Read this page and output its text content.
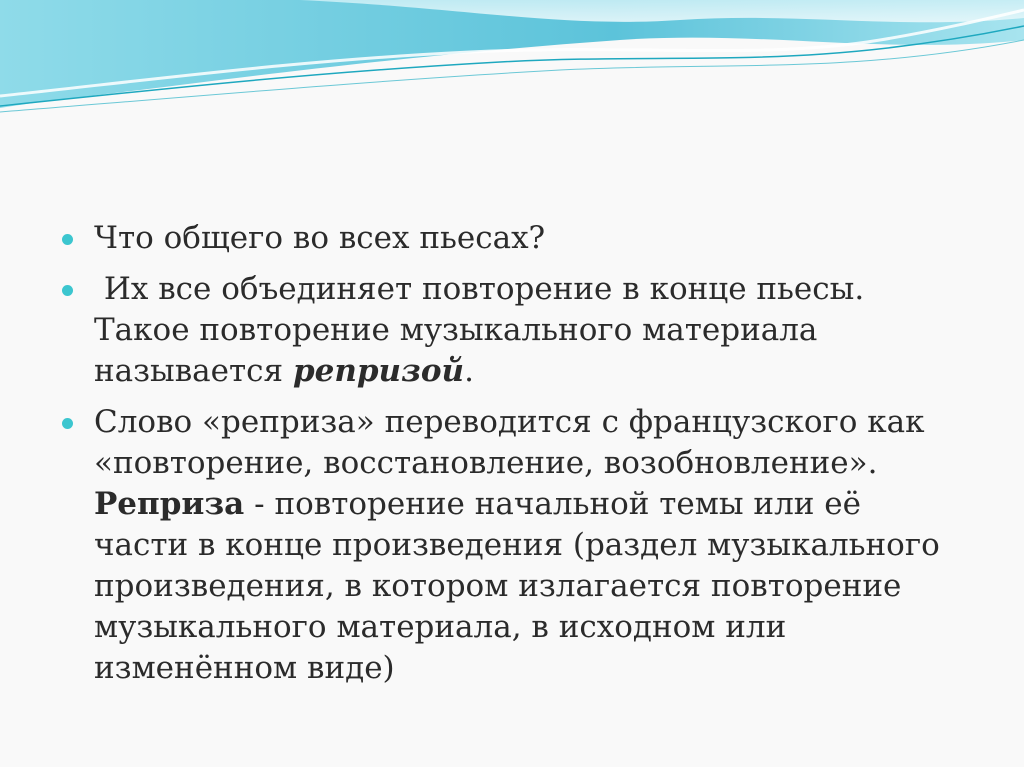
Что общего во всех пьесах?
Их все объединяет повторение в конце пьесы.
Такое повторение музыкального материала
называется репризой.
Слово «реприза» переводится с французского как
«повторение, восстановление, возобновление».
Реприза - повторение начальной темы или её
части в конце произведения (раздел музыкального
произведения, в котором излагается повторение
музыкального материала, в исходном или
изменённом виде)
